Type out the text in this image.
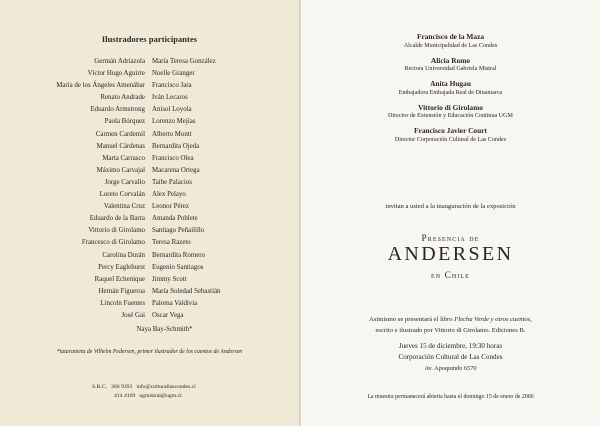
Ilustradores participantes
Germán Adriazola María Teresa González
Víctor Hugo Aguirre Noelle Granger
María de los Ángeles Amenábar Francisco Jara
Renato Andrade Iván Lecaros
Eduardo Armstrong Anisol Loyola
Paola Bórquez Lorenzo Mejías
Carmen Cardemil Alberto Montt
Manuel Cárdenas Bernardita Ojeda
Marta Carrasco Francisco Olea
Máximo Carvajal Macarena Ortega
Jorge Carvallo Taibe Palacios
Loreto Corvalán Alex Pelayo
Valentina Cruz Leonor Pérez
Eduardo de la Barra Amanda Poblete
Vittorio di Girolamo Santiago Peñailillo
Francesco di Girolamo Teresa Razeto
Carolina Durán Bernardita Romero
Percy Eaglehurst Eugenio Santiagos
Raquel Echenique Jimmy Scott
Hernán Figueroa María Soledad Sebastián
Lincoln Fuentes Paloma Valdivia
José Gai Oscar Vega
Naya Bay-Schmith*
*tataranieta de Vilhelm Pedersen, primer ilustrador de los cuentos de Andersen
S.R.C. 366 9393 info@culturallascondes.cl
414 4169 ugmistral@ugm.cl
Francisco de la Maza
Alcalde Municipalidad de Las Condes
Alicia Romo
Rectora Universidad Gabriela Mistral
Anita Hugau
Embajadora Embajada Real de Dinamarca
Vittorio di Girolamo
Director de Extensión y Educación Continua UGM
Francisco Javier Court
Director Corporación Cultural de Las Condes
invitan a usted a la inauguración de la exposición
Presencia de
ANDERSEN
en Chile
Asimismo se presentará el libro Flecha Verde y otros cuentos,
escrito e ilustrado por Vittorio di Girolamo. Ediciones B.
Jueves 15 de diciembre, 19:30 horas
Corporación Cultural de Las Condes
Av. Apoquindo 6570
La muestra permanecerá abierta hasta el domingo 15 de enero de 2006
